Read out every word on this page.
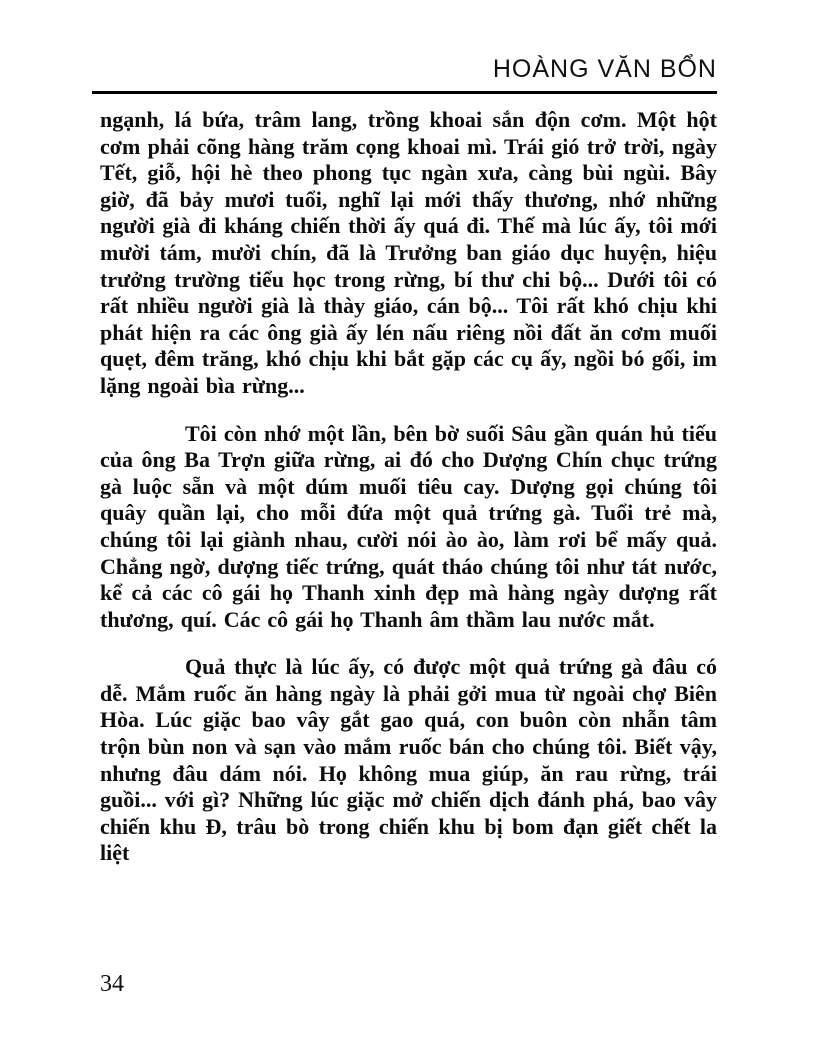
HOÀNG VĂN BỔN

ngạnh, lá bứa, trâm lang, trồng khoai sắn độn cơm. Một hột cơm phải cõng hàng trăm cọng khoai mì. Trái gió trở trời, ngày Tết, giỗ, hội hè theo phong tục ngàn xưa, càng bùi ngùi. Bây giờ, đã bảy mươi tuổi, nghĩ lại mới thấy thương, nhớ những người già đi kháng chiến thời ấy quá đi. Thế mà lúc ấy, tôi mới mười tám, mười chín, đã là Trưởng ban giáo dục huyện, hiệu trưởng trường tiểu học trong rừng, bí thư chi bộ... Dưới tôi có rất nhiều người già là thày giáo, cán bộ... Tôi rất khó chịu khi phát hiện ra các ông già ấy lén nấu riêng nồi đất ăn cơm muối quẹt, đêm trăng, khó chịu khi bắt gặp các cụ ấy, ngồi bó gối, im lặng ngoài bìa rừng...

Tôi còn nhớ một lần, bên bờ suối Sâu gần quán hủ tiếu của ông Ba Trợn giữa rừng, ai đó cho Dượng Chín chục trứng gà luộc sẵn và một dúm muối tiêu cay. Dượng gọi chúng tôi quây quần lại, cho mỗi đứa một quả trứng gà. Tuổi trẻ mà, chúng tôi lại giành nhau, cười nói ào ào, làm rơi bể mấy quả. Chẳng ngờ, dượng tiếc trứng, quát tháo chúng tôi như tát nước, kể cả các cô gái họ Thanh xinh đẹp mà hàng ngày dượng rất thương, quí. Các cô gái họ Thanh âm thầm lau nước mắt.

Quả thực là lúc ấy, có được một quả trứng gà đâu có dễ. Mắm ruốc ăn hàng ngày là phải gởi mua từ ngoài chợ Biên Hòa. Lúc giặc bao vây gắt gao quá, con buôn còn nhẫn tâm trộn bùn non và sạn vào mắm ruốc bán cho chúng tôi. Biết vậy, nhưng đâu dám nói. Họ không mua giúp, ăn rau rừng, trái guồi... với gì? Những lúc giặc mở chiến dịch đánh phá, bao vây chiến khu Đ, trâu bò trong chiến khu bị bom đạn giết chết la liệt

34
